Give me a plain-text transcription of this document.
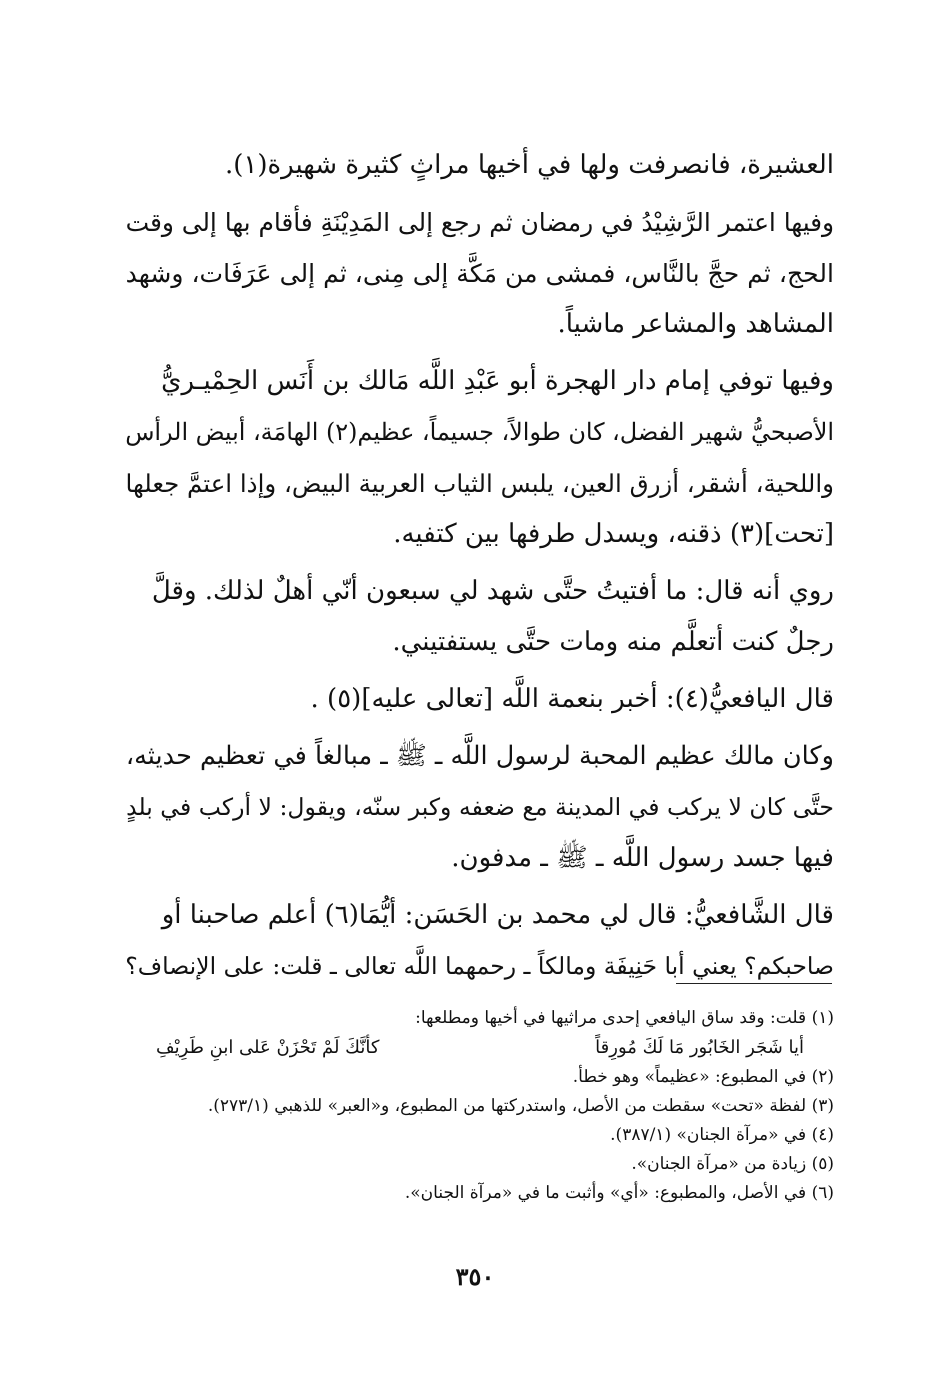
العشيرة، فانصرفت ولها في أخيها مراثٍ كثيرة شهيرة(١).

وفيها اعتمر الرَّشِيْدُ في رمضان ثم رجع إلى المَدِيْنَةِ فأقام بها إلى وقت
الحج، ثم حجَّ بالنَّاس، فمشى من مَكَّة إلى مِنى، ثم إلى عَرَفَات، وشهد
المشاهد والمشاعر ماشياً.

وفيها توفي إمام دار الهجرة أبو عَبْدِ اللَّه مَالك بن أَنَس الحِمْيـريُّ
الأصبحيُّ شهير الفضل، كان طوالاً، جسيماً، عظيم(٢) الهامَة، أبيض الرأس
واللحية، أشقر، أزرق العين، يلبس الثياب العربية البيض، وإذا اعتمَّ جعلها
[تحت](٣) ذقنه، ويسدل طرفها بين كتفيه.

روي أنه قال: ما أفتيتُ حتَّى شهد لي سبعون أنّي أهلٌ لذلك. وقلَّ
رجلٌ كنت أتعلَّم منه ومات حتَّى يستفتيني.

قال اليافعيُّ(٤): أخبر بنعمة اللَّه [تعالى عليه](٥) .

وكان مالك عظيم المحبة لرسول اللَّه ـ ﷺ ـ مبالغاً في تعظيم حديثه،
حتَّى كان لا يركب في المدينة مع ضعفه وكبر سنّه، ويقول: لا أركب في بلدٍ
فيها جسد رسول اللَّه ـ ﷺ ـ مدفون.

قال الشَّافعيُّ: قال لي محمد بن الحَسَن: أيُّمَا(٦) أعلم صاحبنا أو
صاحبكم؟ يعني أبا حَنِيفَة ومالكاً ـ رحمهما اللَّه تعالى ـ قلت: على الإنصاف؟

(١) قلت: وقد ساق اليافعي إحدى مراثيها في أخيها ومطلعها:
أيا شَجَر الخَابُور مَا لَكَ مُورِقاً
كأنَّكَ لَمْ تَحْزَنْ عَلى ابنِ طَرِيْفِ
(٢) في المطبوع: «عظيماً» وهو خطأ.
(٣) لفظة «تحت» سقطت من الأصل، واستدركتها من المطبوع، و«العبر» للذهبي (٢٧٣/١).
(٤) في «مرآة الجنان» (٣٨٧/١).
(٥) زيادة من «مرآة الجنان».
(٦) في الأصل، والمطبوع: «أي» وأثبت ما في «مرآة الجنان».
٣٥٠
